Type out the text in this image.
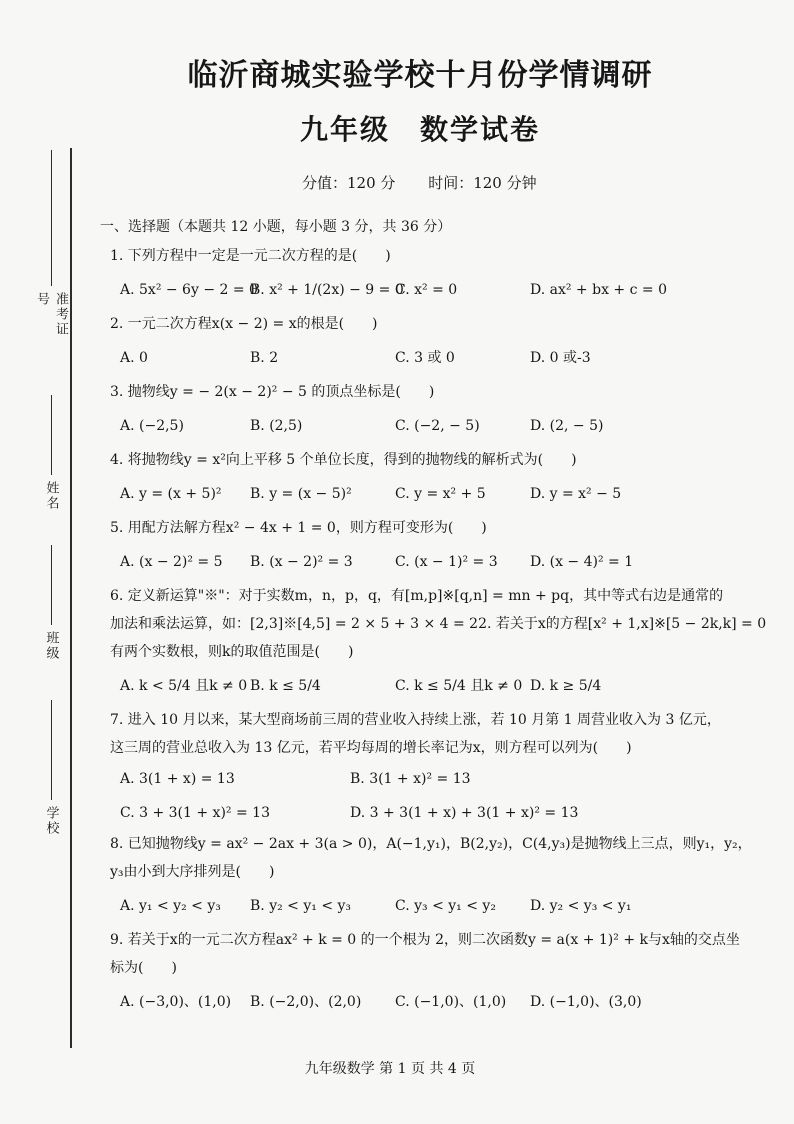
准考证号
姓名
班级
学校
临沂商城实验学校十月份学情调研
九年级　数学试卷
分值：120 分 时间：120 分钟
一、选择题（本题共 12 小题，每小题 3 分，共 36 分）
1. 下列方程中一定是一元二次方程的是(　　)
A. 5x² − 6y − 2 = 0
B. x² + 1/(2x) − 9 = 0
C. x² = 0	D. ax² + bx + c = 0
2. 一元二次方程x(x − 2) = x的根是(　　)
A. 0	B. 2	C. 3 或 0	D. 0 或-3
3. 抛物线y = − 2(x − 2)² − 5 的顶点坐标是(　　)
A. (−2,5)	B. (2,5)	C. (−2, − 5)	D. (2, − 5)
4. 将抛物线y = x²向上平移 5 个单位长度，得到的抛物线的解析式为(　　)
A. y = (x + 5)² B. y = (x − 5)²	C. y = x² + 5	D. y = x² − 5
5. 用配方法解方程x² − 4x + 1 = 0，则方程可变形为(　　)
A. (x − 2)² = 5 B. (x − 2)² = 3	C. (x − 1)² = 3 D. (x − 4)² = 1
6. 定义新运算"※"：对于实数m，n，p，q，有[m,p]※[q,n] = mn + pq，其中等式右边是通常的
加法和乘法运算，如：[2,3]※[4,5] = 2 × 5 + 3 × 4 = 22. 若关于x的方程[x² + 1,x]※[5 − 2k,k] = 0
有两个实数根，则k的取值范围是(　　)
A. k < 5/4 且k ≠ 0 B. k ≤ 5/4	C. k ≤ 5/4 且k ≠ 0 D. k ≥ 5/4
7. 进入 10 月以来，某大型商场前三周的营业收入持续上涨，若 10 月第 1 周营业收入为 3 亿元，
这三周的营业总收入为 13 亿元，若平均每周的增长率记为x，则方程可以列为(　　)
A. 3(1 + x) = 13	B. 3(1 + x)² = 13
C. 3 + 3(1 + x)² = 13	D. 3 + 3(1 + x) + 3(1 + x)² = 13
8. 已知抛物线y = ax² − 2ax + 3(a > 0)，A(−1,y₁)，B(2,y₂)，C(4,y₃)是抛物线上三点，则y₁，y₂，
y₃由小到大序排列是(　　)
A. y₁ < y₂ < y₃ B. y₂ < y₁ < y₃	C. y₃ < y₁ < y₂ D. y₂ < y₃ < y₁
9. 若关于x的一元二次方程ax² + k = 0 的一个根为 2，则二次函数y = a(x + 1)² + k与x轴的交点坐
标为(　　)
A. (−3,0)、(1,0) B. (−2,0)、(2,0) C. (−1,0)、(1,0) D. (−1,0)、(3,0)
九年级数学 第 1 页 共 4 页
